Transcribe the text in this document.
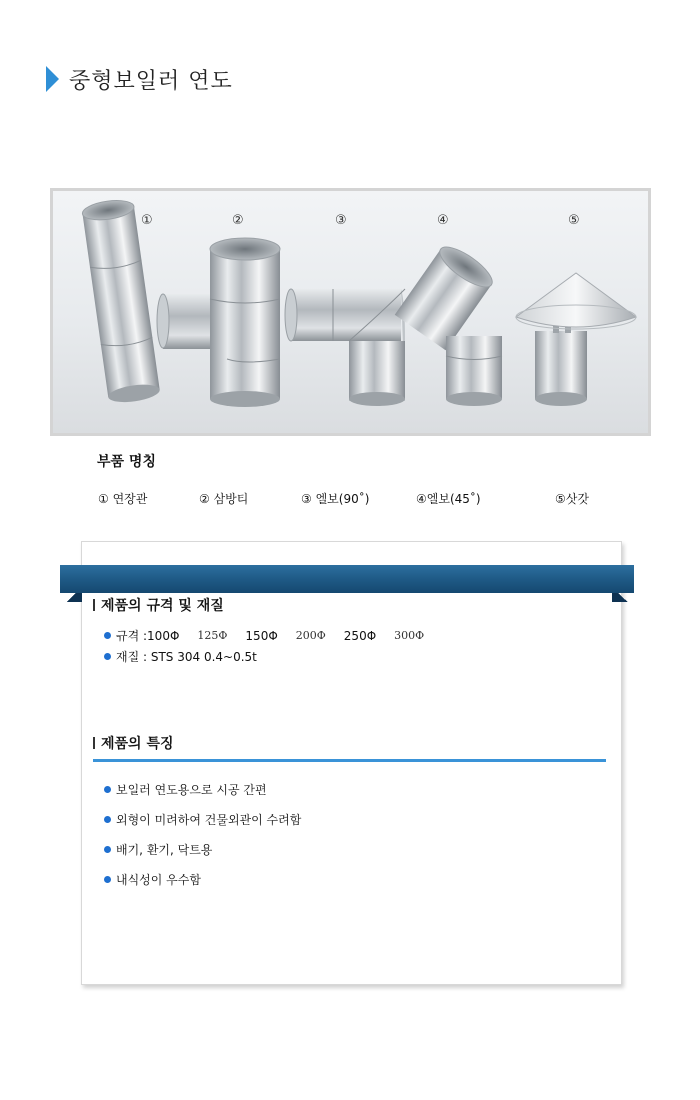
중형보일러 연도
①	②	③	④	⑤
부품 명칭
① 연장관	② 삼방티	③ 엘보(90˚)	④엘보(45˚)	⑤삿갓
제품의 규격 및 재질
규격 : 100Φ 125Φ 150Φ 200Φ 250Φ 300Φ
재질 : STS 304 0.4~0.5t
제품의 특징
보일러 연도용으로 시공 간편
외형이 미려하여 건물외관이 수려함
배기, 환기, 닥트용
내식성이 우수함
